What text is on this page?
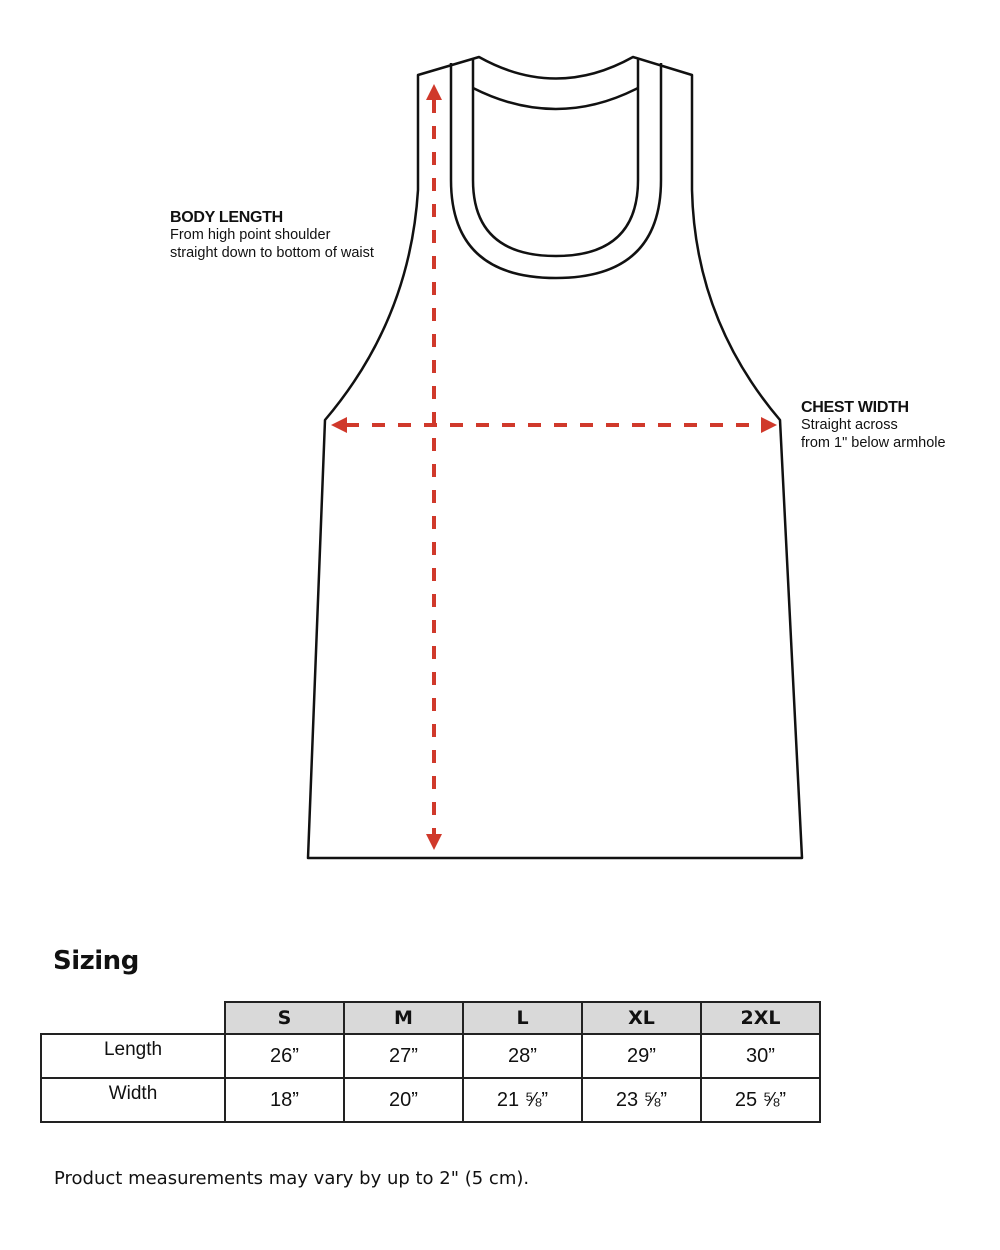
BODY LENGTH
From high point shoulder
straight down to bottom of waist
CHEST WIDTH
Straight across
from 1" below armhole
Sizing
	S	M	L	XL	2XL
Length	26”	27”	28”	29”	30”
Width	18”	20”	21 ⅝”	23 ⅝”	25 ⅝”
Product measurements may vary by up to 2" (5 cm).
